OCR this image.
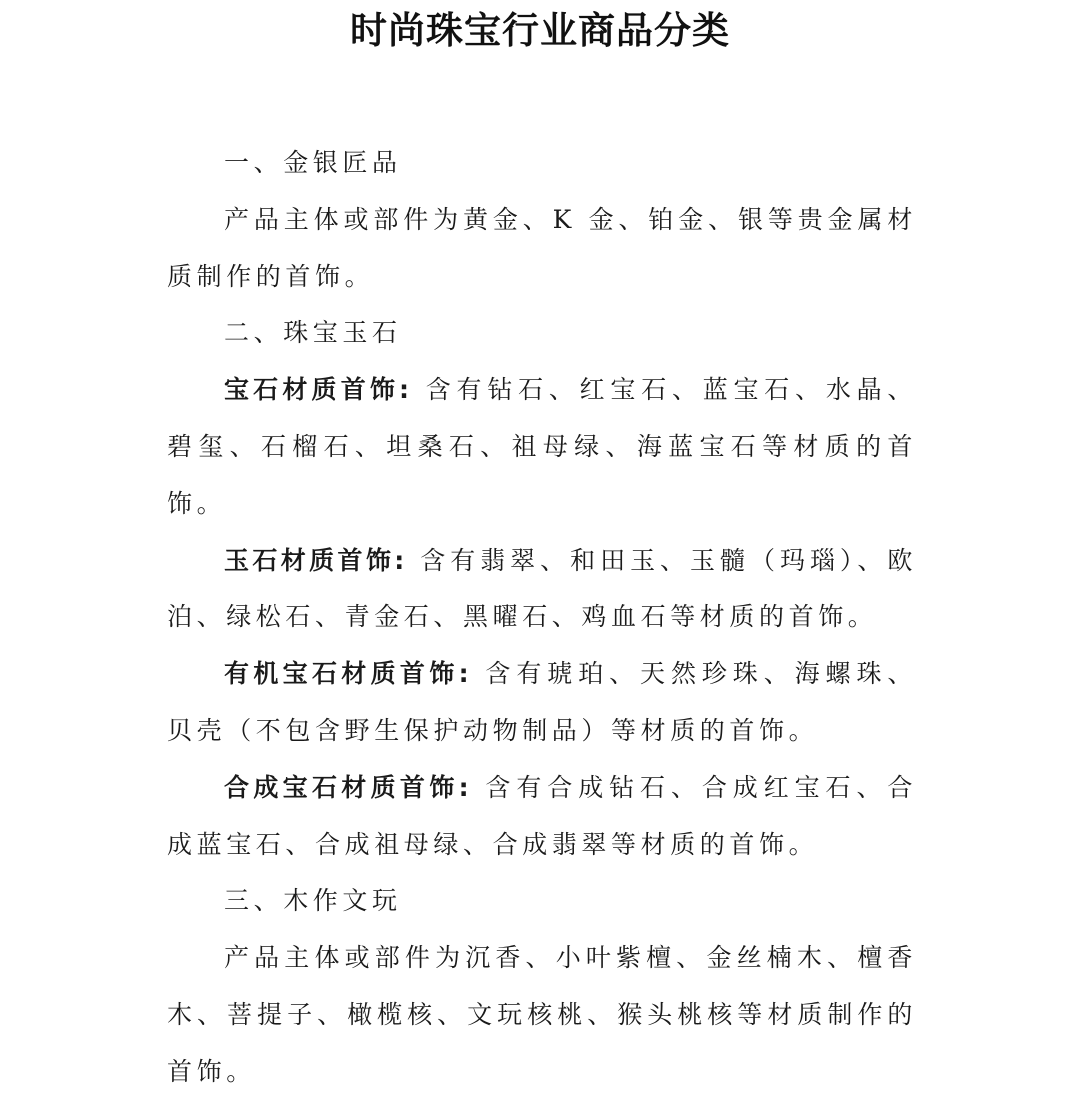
时尚珠宝行业商品分类

一、金银匠品

产品主体或部件为黄金、K 金、铂金、银等贵金属材质制作的首饰。

二、珠宝玉石

宝石材质首饰: 含有钻石、红宝石、蓝宝石、水晶、碧玺、石榴石、坦桑石、祖母绿、海蓝宝石等材质的首饰。

玉石材质首饰: 含有翡翠、和田玉、玉髓（玛瑙）、欧泊、绿松石、青金石、黑曜石、鸡血石等材质的首饰。

有机宝石材质首饰: 含有琥珀、天然珍珠、海螺珠、贝壳（不包含野生保护动物制品）等材质的首饰。

合成宝石材质首饰: 含有合成钻石、合成红宝石、合成蓝宝石、合成祖母绿、合成翡翠等材质的首饰。

三、木作文玩

产品主体或部件为沉香、小叶紫檀、金丝楠木、檀香木、菩提子、橄榄核、文玩核桃、猴头桃核等材质制作的首饰。
